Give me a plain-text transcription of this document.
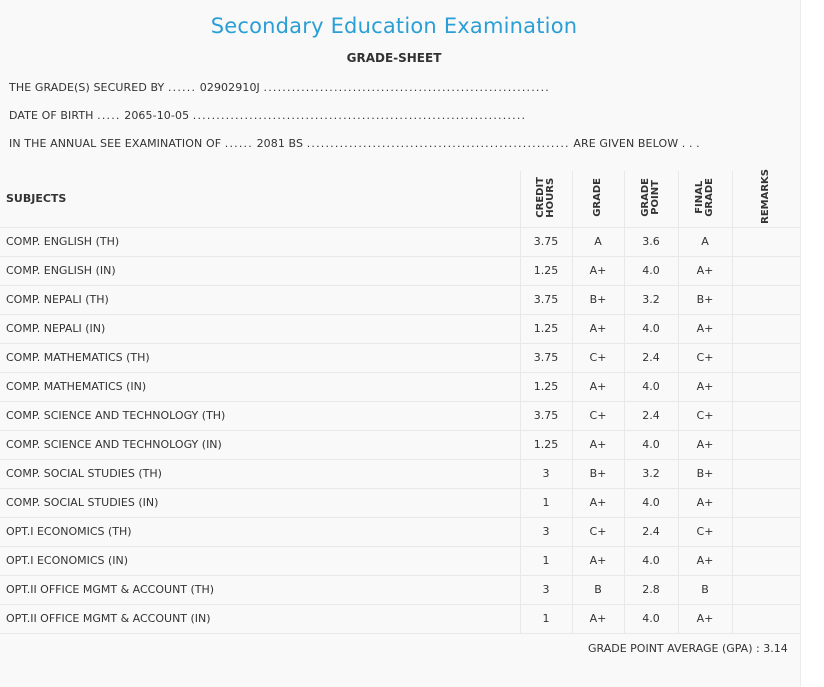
Secondary Education Examination
GRADE-SHEET
THE GRADE(S) SECURED BY ...... 02902910J .............................................................
DATE OF BIRTH ..... 2065-10-05 .......................................................................
IN THE ANNUAL SEE EXAMINATION OF ...... 2081 BS ........................................................ ARE GIVEN BELOW . . .
SUBJECTS	CREDIT HOURS	GRADE	GRADE POINT	FINAL GRADE	REMARKS

COMP. ENGLISH (TH)	3.75	A	3.6	A	
COMP. ENGLISH (IN)	1.25	A+	4.0	A+	
COMP. NEPALI (TH)	3.75	B+	3.2	B+	
COMP. NEPALI (IN)	1.25	A+	4.0	A+	
COMP. MATHEMATICS (TH)	3.75	C+	2.4	C+	
COMP. MATHEMATICS (IN)	1.25	A+	4.0	A+	
COMP. SCIENCE AND TECHNOLOGY (TH)	3.75	C+	2.4	C+	
COMP. SCIENCE AND TECHNOLOGY (IN)	1.25	A+	4.0	A+	
COMP. SOCIAL STUDIES (TH)	3	B+	3.2	B+	
COMP. SOCIAL STUDIES (IN)	1	A+	4.0	A+	
OPT.I ECONOMICS (TH)	3	C+	2.4	C+	
OPT.I ECONOMICS (IN)	1	A+	4.0	A+	
OPT.II OFFICE MGMT & ACCOUNT (TH)	3	B	2.8	B	
OPT.II OFFICE MGMT & ACCOUNT (IN)	1	A+	4.0	A+	
GRADE POINT AVERAGE (GPA) : 3.14
